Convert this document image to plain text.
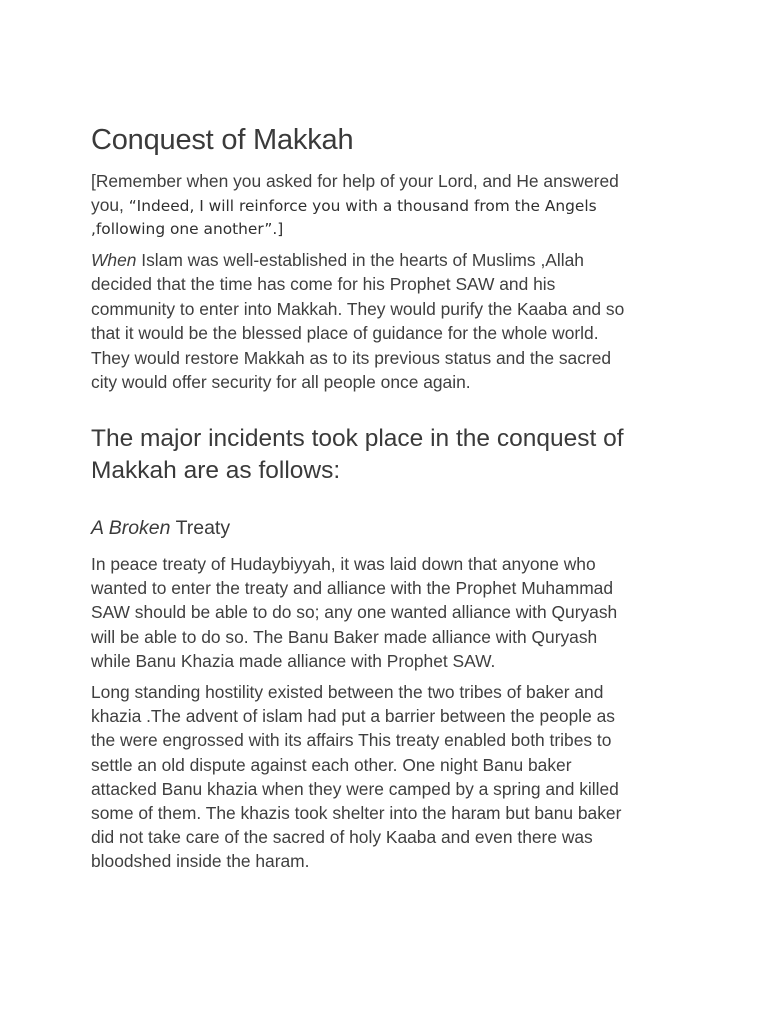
Conquest of Makkah

[Remember when you asked for help of your Lord, and He answered
you, “Indeed, I will reinforce you with a thousand from the Angels
,following one another”.]

When Islam was well-established in the hearts of Muslims ,Allah
decided that the time has come for his Prophet SAW and his
community to enter into Makkah. They would purify the Kaaba and so
that it would be the blessed place of guidance for the whole world.
They would restore Makkah as to its previous status and the sacred
city would offer security for all people once again.

The major incidents took place in the conquest of
Makkah are as follows:
A Broken Treaty

In peace treaty of Hudaybiyyah, it was laid down that anyone who
wanted to enter the treaty and alliance with the Prophet Muhammad
SAW should be able to do so; any one wanted alliance with Quryash
will be able to do so. The Banu Baker made alliance with Quryash
while Banu Khazia made alliance with Prophet SAW.

Long standing hostility existed between the two tribes of baker and
khazia .The advent of islam had put a barrier between the people as
the were engrossed with its affairs This treaty enabled both tribes to
settle an old dispute against each other. One night Banu baker
attacked Banu khazia when they were camped by a spring and killed
some of them. The khazis took shelter into the haram but banu baker
did not take care of the sacred of holy Kaaba and even there was
bloodshed inside the haram.
